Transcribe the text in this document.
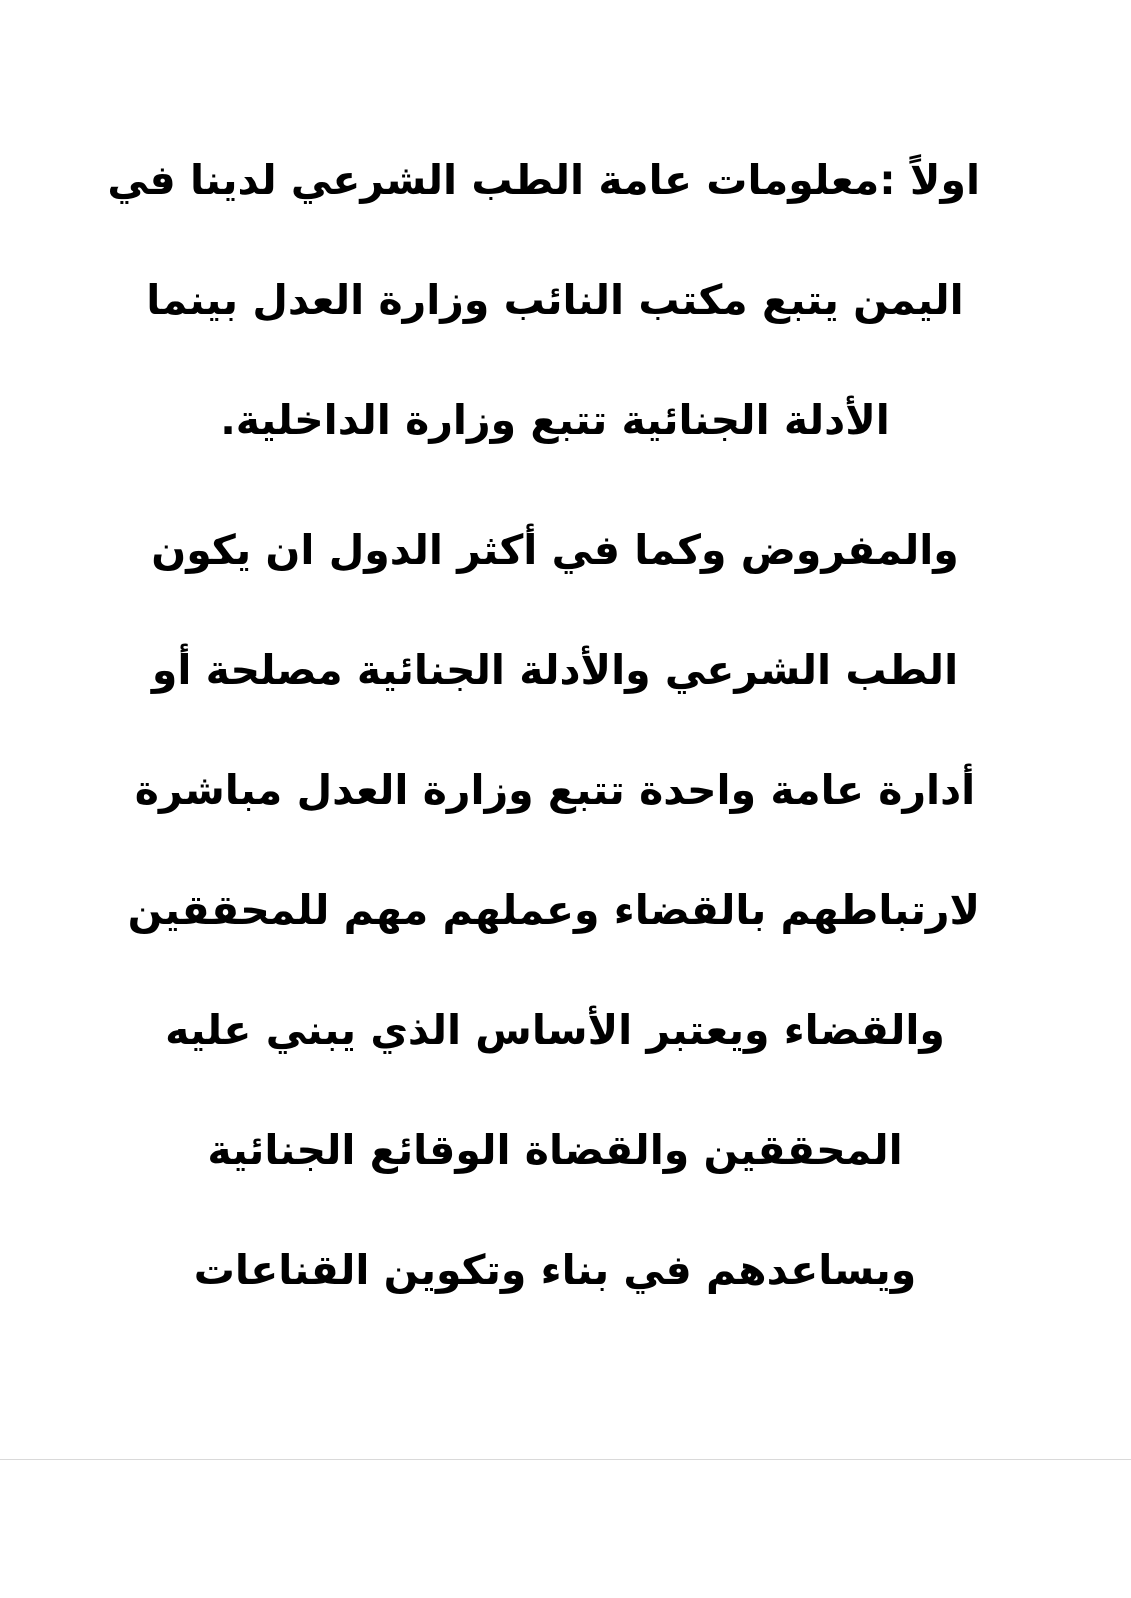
اولاً :معلومات عامة الطب الشرعي لدينا في
اليمن يتبع مكتب النائب وزارة العدل بينما
الأدلة الجنائية تتبع وزارة الداخلية.
والمفروض وكما في أكثر الدول ان يكون
الطب الشرعي والأدلة الجنائية مصلحة أو
أدارة عامة واحدة تتبع وزارة العدل مباشرة
لارتباطهم بالقضاء وعملهم مهم للمحققين
والقضاء ويعتبر الأساس الذي يبني عليه
المحققين والقضاة الوقائع الجنائية
ويساعدهم في بناء وتكوين القناعات
